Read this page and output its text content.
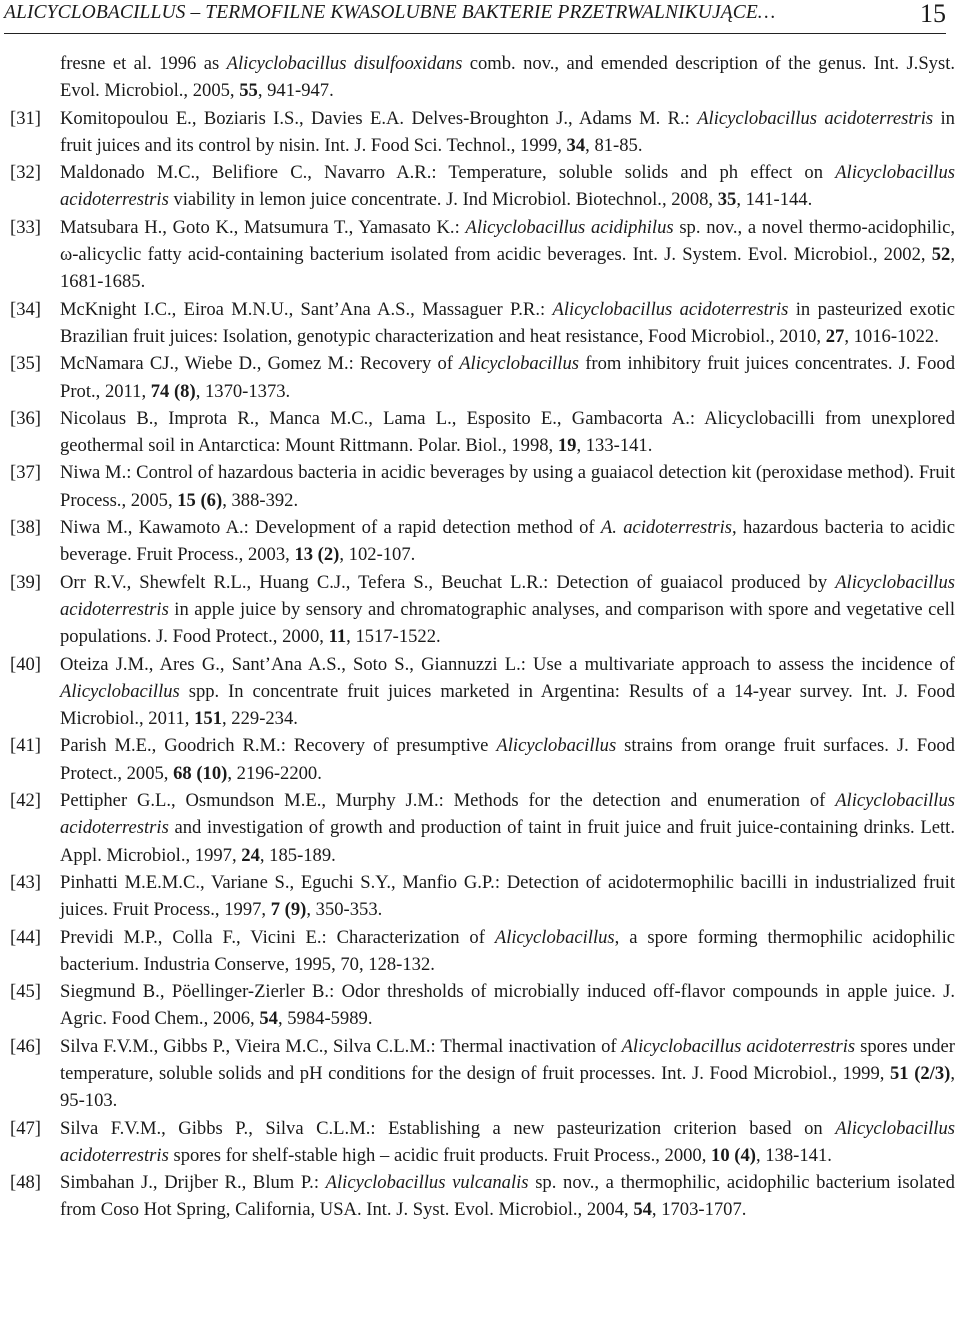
ALICYCLOBACILLUS – TERMOFILNE KWASOLUBNE BAKTERIE PRZETRWALNIKUJĄCE…	15
fresne et al. 1996 as Alicyclobacillus disulfooxidans comb. nov., and emended description of the genus. Int. J.Syst. Evol. Microbiol., 2005, 55, 941-947.
[31] Komitopoulou E., Boziaris I.S., Davies E.A. Delves-Broughton J., Adams M. R.: Alicyclobacillus acidoterrestris in fruit juices and its control by nisin. Int. J. Food Sci. Technol., 1999, 34, 81-85.
[32] Maldonado M.C., Belifiore C., Navarro A.R.: Temperature, soluble solids and ph effect on Alicyclobacillus acidoterrestris viability in lemon juice concentrate. J. Ind Microbiol. Biotechnol., 2008, 35, 141-144.
[33] Matsubara H., Goto K., Matsumura T., Yamasato K.: Alicyclobacillus acidiphilus sp. nov., a novel thermo-acidophilic, ω-alicyclic fatty acid-containing bacterium isolated from acidic beverages. Int. J. System. Evol. Microbiol., 2002, 52, 1681-1685.
[34] McKnight I.C., Eiroa M.N.U., Sant’Ana A.S., Massaguer P.R.: Alicyclobacillus acidoterrestris in pasteurized exotic Brazilian fruit juices: Isolation, genotypic characterization and heat resistance, Food Microbiol., 2010, 27, 1016-1022.
[35] McNamara CJ., Wiebe D., Gomez M.: Recovery of Alicyclobacillus from inhibitory fruit juices concentrates. J. Food Prot., 2011, 74 (8), 1370-1373.
[36] Nicolaus B., Improta R., Manca M.C., Lama L., Esposito E., Gambacorta A.: Alicyclobacilli from unexplored geothermal soil in Antarctica: Mount Rittmann. Polar. Biol., 1998, 19, 133-141.
[37] Niwa M.: Control of hazardous bacteria in acidic beverages by using a guaiacol detection kit (peroxidase method). Fruit Process., 2005, 15 (6), 388-392.
[38] Niwa M., Kawamoto A.: Development of a rapid detection method of A. acidoterrestris, hazardous bacteria to acidic beverage. Fruit Process., 2003, 13 (2), 102-107.
[39] Orr R.V., Shewfelt R.L., Huang C.J., Tefera S., Beuchat L.R.: Detection of guaiacol produced by Alicyclobacillus acidoterrestris in apple juice by sensory and chromatographic analyses, and comparison with spore and vegetative cell populations. J. Food Protect., 2000, 11, 1517-1522.
[40] Oteiza J.M., Ares G., Sant’Ana A.S., Soto S., Giannuzzi L.: Use a multivariate approach to assess the incidence of Alicyclobacillus spp. In concentrate fruit juices marketed in Argentina: Results of a 14-year survey. Int. J. Food Microbiol., 2011, 151, 229-234.
[41] Parish M.E., Goodrich R.M.: Recovery of presumptive Alicyclobacillus strains from orange fruit surfaces. J. Food Protect., 2005, 68 (10), 2196-2200.
[42] Pettipher G.L., Osmundson M.E., Murphy J.M.: Methods for the detection and enumeration of Alicyclobacillus acidoterrestris and investigation of growth and production of taint in fruit juice and fruit juice-containing drinks. Lett. Appl. Microbiol., 1997, 24, 185-189.
[43] Pinhatti M.E.M.C., Variane S., Eguchi S.Y., Manfio G.P.: Detection of acidotermophilic bacilli in industrialized fruit juices. Fruit Process., 1997, 7 (9), 350-353.
[44] Previdi M.P., Colla F., Vicini E.: Characterization of Alicyclobacillus, a spore forming thermophilic acidophilic bacterium. Industria Conserve, 1995, 70, 128-132.
[45] Siegmund B., Pöellinger-Zierler B.: Odor thresholds of microbially induced off-flavor compounds in apple juice. J. Agric. Food Chem., 2006, 54, 5984-5989.
[46] Silva F.V.M., Gibbs P., Vieira M.C., Silva C.L.M.: Thermal inactivation of Alicyclobacillus acidoterrestris spores under temperature, soluble solids and pH conditions for the design of fruit processes. Int. J. Food Microbiol., 1999, 51 (2/3), 95-103.
[47] Silva F.V.M., Gibbs P., Silva C.L.M.: Establishing a new pasteurization criterion based on Alicyclobacillus acidoterrestris spores for shelf-stable high – acidic fruit products. Fruit Process., 2000, 10 (4), 138-141.
[48] Simbahan J., Drijber R., Blum P.: Alicyclobacillus vulcanalis sp. nov., a thermophilic, acidophilic bacterium isolated from Coso Hot Spring, California, USA. Int. J. Syst. Evol. Microbiol., 2004, 54, 1703-1707.
